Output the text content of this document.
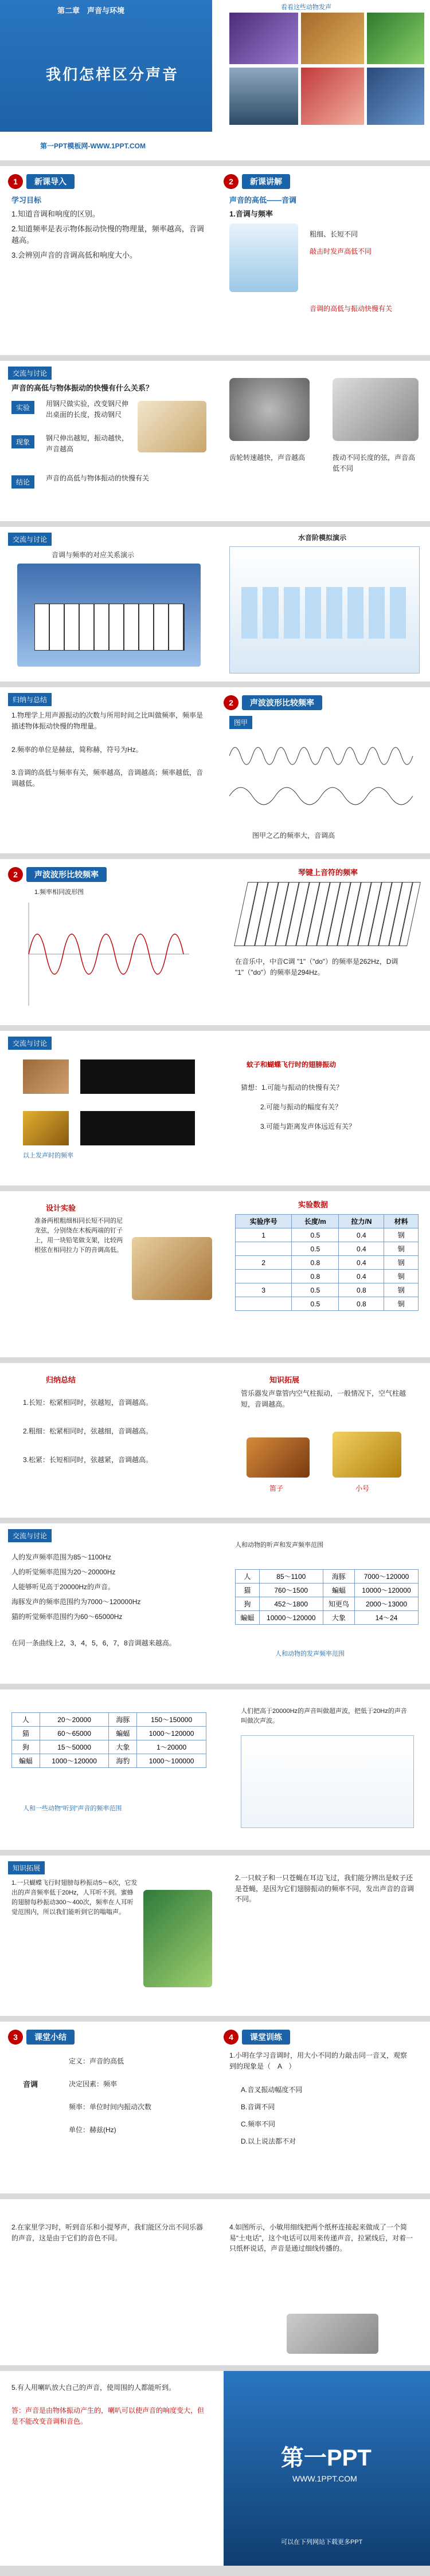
第二章　声音与环境
我们怎样区分声音
第一PPT模板网-WWW.1PPT.COM
看看这些动物发声
1	新课导入
学习目标
1.知道音调和响度的区别。
2.知道频率是表示物体振动快慢的物理量，频率越高，音调越高。
3.会辨别声音的音调高低和响度大小。
2	新课讲解
声音的高低——音调
1.音调与频率
粗细、长短不同
敲击时发声高低不同
音调的高低与振动快慢有关
交流与讨论
声音的高低与物体振动的快慢有什么关系？
实验	用钢尺做实验，改变钢尺伸出桌面的长度，拨动钢尺
现象	钢尺伸出越短，振动越快，声音越高
结论	声音的高低与物体振动的快慢有关
齿轮转速越快，声音越高	拨动不同长度的弦，声音高低不同
交流与讨论
音调与频率的对应关系演示
水音阶模拟演示
归纳与总结
1.物理学上用声源振动的次数与所用时间之比叫做频率，频率是描述物体振动快慢的物理量。
2.频率的单位是赫兹，简称赫，符号为Hz。
3.音调的高低与频率有关，频率越高，音调越高；频率越低，音调越低。
2	声波波形比较频率
图甲
图甲之乙的频率大，音调高
2	声波波形比较频率
1.频率相同波形图
琴键上音符的频率
在音乐中，中音C调 "1"（"do"）的频率是262Hz，D调 "1"（"do"）的频率是294Hz。
交流与讨论
以上发声时的频率
蚊子和蝴蝶飞行时的翅膀振动
猜想：1.可能与振动的快慢有关？
2.可能与振动的幅度有关？
3.可能与距离发声体远近有关？
设计实验
准备两根粗细相同长短不同的尼龙弦，分别绕在木板两端的钉子上，用一块铅笔做支架，比较两根弦在相同拉力下的音调高低。
实验数据
实验序号	长度/m	拉力/N	材料
1	0.5	0.4	钢
	0.5	0.4	铜
2	0.8	0.4	钢
	0.8	0.4	铜
3	0.5	0.8	钢
	0.5	0.8	铜
归纳总结
1.长短：松紧相同时，弦越短，音调越高。
2.粗细：松紧相同时，弦越细，音调越高。
3.松紧：长短相同时，弦越紧，音调越高。
知识拓展
管乐器发声靠管内空气柱振动，一般情况下，空气柱越短，音调越高。
笛子	小号
交流与讨论
人的发声频率范围为85～1100Hz
人的听觉频率范围为20～20000Hz
人能够听见高于20000Hz的声音。
海豚发声的频率范围约为7000～120000Hz
猫的听觉频率范围约为60～65000Hz
在同一条曲线上2，3，4，5，6，7，8音调越来越高。
人和动物的听声和发声频率范围
人	85～1100	海豚	7000～120000
猫	760～1500	蝙蝠	10000～120000
狗	452～1800	知更鸟	2000～13000
蝙蝠	10000～120000	大象	14～24
人和动物的发声频率范围
人	20～20000	海豚	150～150000
猫	60～65000	蝙蝠	1000～120000
狗	15～50000	大象	1～20000
蝙蝠	1000～120000	海豹	1000～100000
人和一些动物“听到”声音的频率范围
人们把高于20000Hz的声音叫做超声波，把低于20Hz的声音叫做次声波。
知识拓展
1.一只蝴蝶飞行时翅膀每秒振动5～6次，它发出的声音频率低于20Hz，人耳听不到。蜜蜂的翅膀每秒振动300～400次，频率在人耳听觉范围内，所以我们能听到它的嗡嗡声。
2.一只蚊子和一只苍蝇在耳边飞过，我们能分辨出是蚊子还是苍蝇，是因为它们翅膀振动的频率不同，发出声音的音调不同。
3	课堂小结
音调
定义：声音的高低
决定因素：频率
频率：单位时间内振动次数
单位：赫兹(Hz)
4	课堂训练
1.小明在学习音调时，用大小不同的力敲击同一音叉，观察到的现象是（　A　）
A.音叉振动幅度不同
B.音调不同
C.频率不同
D.以上说法都不对
2.在家里学习时，听到音乐和小提琴声，我们能区分出不同乐器的声音，这是由于它们的音色不同。
4.如图所示，小敏用细线把两个纸杯连接起来做成了一个简易“土电话”，这个电话可以用来传递声音，拉紧线后，对着一只纸杯说话，声音是通过细线传播的。
5.有人用喇叭放大自己的声音，使周围的人都能听到。
答：声音是由物体振动产生的，喇叭可以使声音的响度变大，但是不能改变音调和音色。
第一PPT
WWW.1PPT.COM
可以在下列网站下载更多PPT
